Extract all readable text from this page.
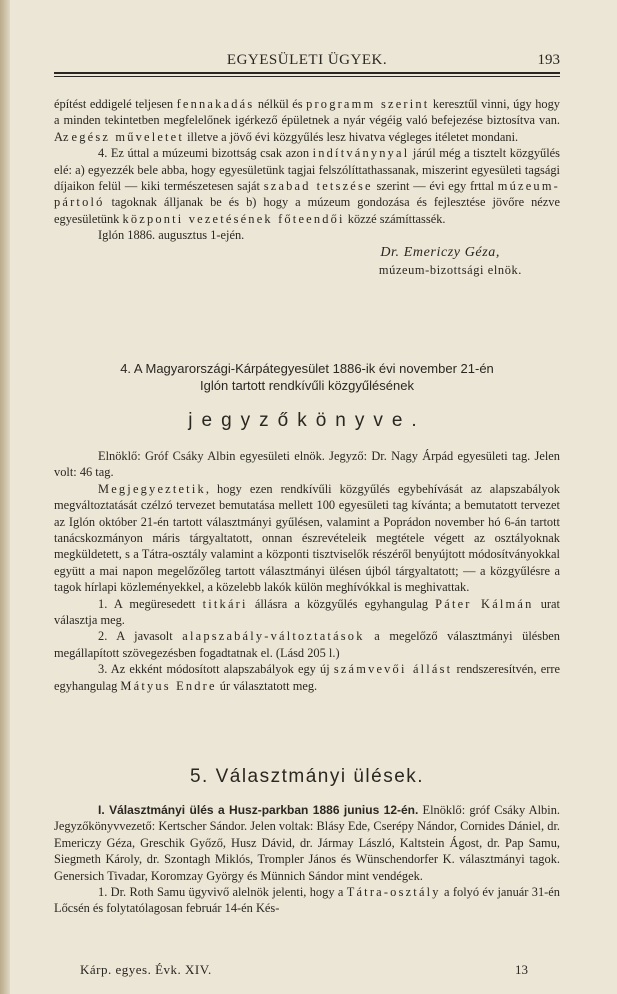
EGYESÜLETI ÜGYEK.	193

építést eddigelé teljesen fennakadás nélkül és programm szerint keresztűl vinni, úgy hogy a minden tekintetben megfelelőnek igérkező épületnek a nyár végéig való befejezése biztosítva van. Az egész műveletet illetve a jövő évi közgyűlés lesz hivatva végleges itéletet mondani.

4. Ez úttal a múzeumi bizottság csak azon indítványnyal járúl még a tisztelt közgyűlés elé: a) egyezzék bele abba, hogy egyesületünk tagjai felszólíttathassanak, miszerint egyesületi tagsági díjaikon felül — kiki természetesen saját szabad tetszése szerint — évi egy frttal múzeum-pártoló tagoknak álljanak be és b) hogy a múzeum gondozása és fejlesztése jövőre nézve egyesületünk központi vezetésének főteendői közzé számíttassék.

Iglón 1886. augusztus 1-ején.

Dr. Emericzy Géza,
múzeum-bizottsági elnök.
4. A Magyarországi-Kárpátegyesület 1886-ik évi november 21-én
Iglón tartott rendkívűli közgyűlésének
jegyzőkönyve.

Elnöklő: Gróf Csáky Albin egyesületi elnök. Jegyző: Dr. Nagy Árpád egyesületi tag. Jelen volt: 46 tag.

Megjegyeztetik, hogy ezen rendkívűli közgyűlés egybehívását az alapszabályok megváltoztatását czélzó tervezet bemutatása mellett 100 egyesületi tag kívánta; a bemutatott tervezet az Iglón október 21-én tartott választmányi gyűlésen, valamint a Poprádon november hó 6-án tartott tanácskozmányon máris tárgyaltatott, onnan észrevételeik megtétele végett az osztályoknak megküldetett, s a Tátra-osztály valamint a központi tisztviselők részéről benyújtott módosítványokkal együtt a mai napon megelőzőleg tartott választmányi ülésen újból tárgyaltatott; — a közgyűlésre a tagok hírlapi közleményekkel, a közelebb lakók külön meghívókkal is meghivattak.

1. A megüresedett titkári állásra a közgyűlés egyhangulag Páter Kálmán urat választja meg.

2. A javasolt alapszabály-változtatások a megelőző választmányi ülésben megállapított szövegezésben fogadtatnak el. (Lásd 205 l.)

3. Az ekként módosított alapszabályok egy új számvevői állást rendszeresítvén, erre egyhangulag Mátyus Endre úr választatott meg.

5. Választmányi ülések.

I. Választmányi ülés a Husz-parkban 1886 junius 12-én. Elnöklő: gróf Csáky Albin. Jegyzőkönyvvezető: Kertscher Sándor. Jelen voltak: Blásy Ede, Cserépy Nándor, Cornides Dániel, dr. Emericzy Géza, Greschik Győző, Husz Dávid, dr. Jármay László, Kaltstein Ágost, dr. Pap Samu, Siegmeth Károly, dr. Szontagh Miklós, Trompler János és Wünschendorfer K. választmányi tagok. Genersich Tivadar, Koromzay György és Münnich Sándor mint vendégek.

1. Dr. Roth Samu ügyvivő alelnök jelenti, hogy a Tátra-osztály a folyó év január 31-én Lőcsén és folytatólagosan február 14-én Kés-

Kárp. egyes. Évk. XIV.	13
